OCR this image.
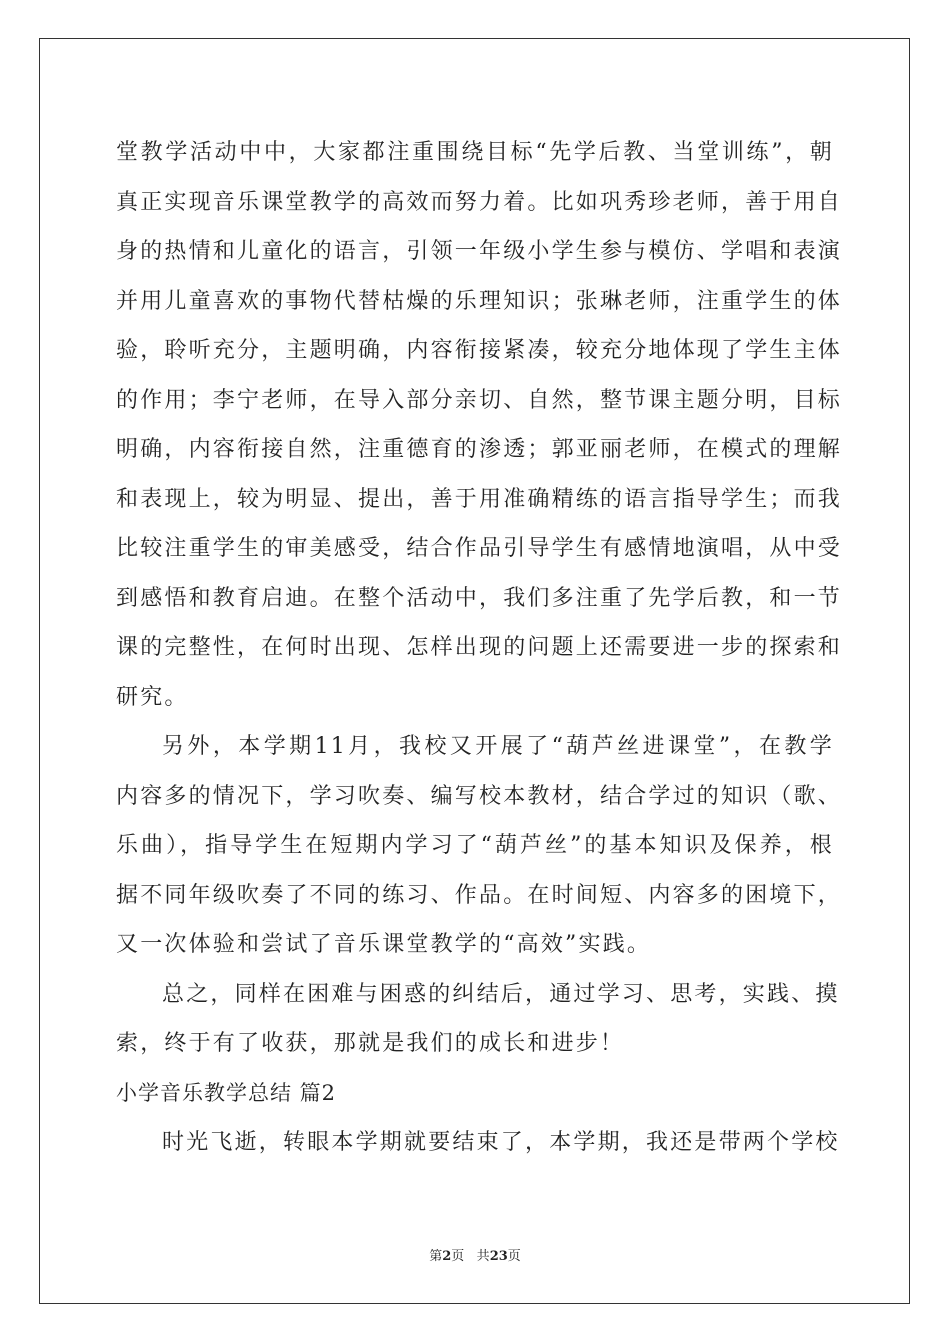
堂教学活动中中，大家都注重围绕目标“先学后教、当堂训练”，朝
真正实现音乐课堂教学的高效而努力着。比如巩秀珍老师，善于用自
身的热情和儿童化的语言，引领一年级小学生参与模仿、学唱和表演
并用儿童喜欢的事物代替枯燥的乐理知识；张琳老师，注重学生的体
验，聆听充分，主题明确，内容衔接紧凑，较充分地体现了学生主体
的作用；李宁老师，在导入部分亲切、自然，整节课主题分明，目标
明确，内容衔接自然，注重德育的渗透；郭亚丽老师，在模式的理解
和表现上，较为明显、提出，善于用准确精练的语言指导学生；而我
比较注重学生的审美感受，结合作品引导学生有感情地演唱，从中受
到感悟和教育启迪。在整个活动中，我们多注重了先学后教，和一节
课的完整性，在何时出现、怎样出现的问题上还需要进一步的探索和
研究。
另外，本学期11月，我校又开展了“葫芦丝进课堂”，在教学
内容多的情况下，学习吹奏、编写校本教材，结合学过的知识（歌、
乐曲），指导学生在短期内学习了“葫芦丝”的基本知识及保养，根
据不同年级吹奏了不同的练习、作品。在时间短、内容多的困境下，
又一次体验和尝试了音乐课堂教学的“高效”实践。
总之，同样在困难与困惑的纠结后，通过学习、思考，实践、摸
索，终于有了收获，那就是我们的成长和进步！
小学音乐教学总结 篇2
时光飞逝，转眼本学期就要结束了，本学期，我还是带两个学校
第2页 共23页
